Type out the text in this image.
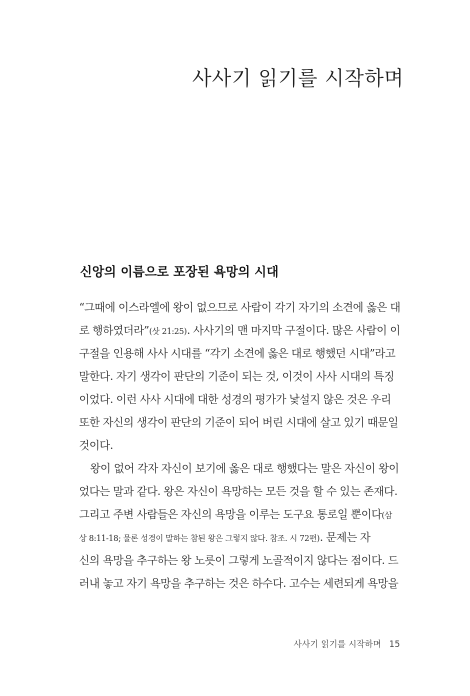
사사기 읽기를 시작하며
신앙의 이름으로 포장된 욕망의 시대
“그때에 이스라엘에 왕이 없으므로 사람이 각기 자기의 소견에 옳은 대
로 행하였더라”(삿 21:25). 사사기의 맨 마지막 구절이다. 많은 사람이 이
구절을 인용해 사사 시대를 “각기 소견에 옳은 대로 행했던 시대”라고
말한다. 자기 생각이 판단의 기준이 되는 것, 이것이 사사 시대의 특징
이었다. 이런 사사 시대에 대한 성경의 평가가 낯설지 않은 것은 우리
또한 자신의 생각이 판단의 기준이 되어 버린 시대에 살고 있기 때문일
것이다.
왕이 없어 각자 자신이 보기에 옳은 대로 행했다는 말은 자신이 왕이
었다는 말과 같다. 왕은 자신이 욕망하는 모든 것을 할 수 있는 존재다.
그리고 주변 사람들은 자신의 욕망을 이루는 도구요 통로일 뿐이다(삼
상 8:11-18; 물론 성경이 말하는 참된 왕은 그렇지 않다. 참조. 시 72편). 문제는 자
신의 욕망을 추구하는 왕 노릇이 그렇게 노골적이지 않다는 점이다. 드
러내 놓고 자기 욕망을 추구하는 것은 하수다. 고수는 세련되게 욕망을
사사기 읽기를 시작하며 15
